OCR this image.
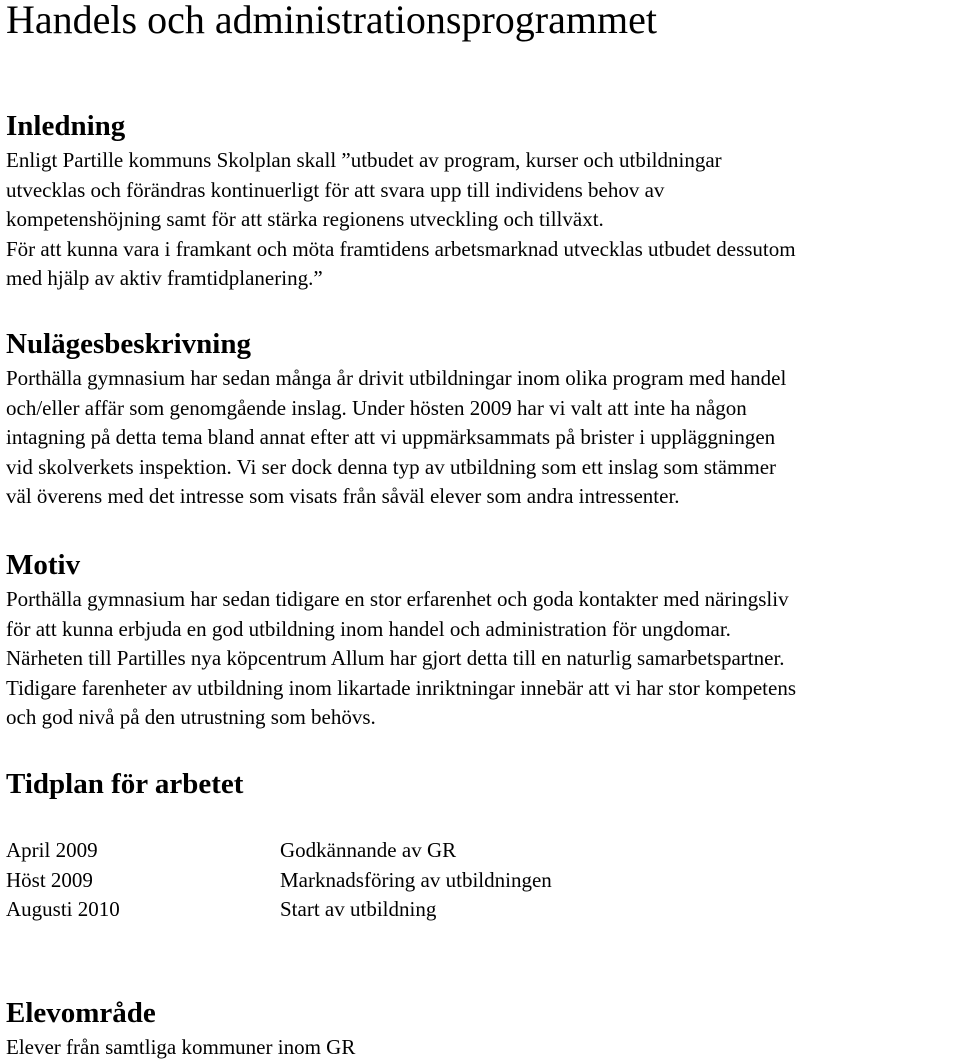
Handels och administrationsprogrammet
Inledning

Enligt Partille kommuns Skolplan skall ”utbudet av program, kurser och utbildningar
utvecklas och förändras kontinuerligt för att svara upp till individens behov av
kompetenshöjning samt för att stärka regionens utveckling och tillväxt.
För att kunna vara i framkant och möta framtidens arbetsmarknad utvecklas utbudet dessutom
med hjälp av aktiv framtidplanering.”

Nulägesbeskrivning

Porthälla gymnasium har sedan många år drivit utbildningar inom olika program med handel
och/eller affär som genomgående inslag. Under hösten 2009 har vi valt att inte ha någon
intagning på detta tema bland annat efter att vi uppmärksammats på brister i uppläggningen
vid skolverkets inspektion. Vi ser dock denna typ av utbildning som ett inslag som stämmer
väl överens med det intresse som visats från såväl elever som andra intressenter.

Motiv

Porthälla gymnasium har sedan tidigare en stor erfarenhet och goda kontakter med näringsliv
för att kunna erbjuda en god utbildning inom handel och administration för ungdomar.
Närheten till Partilles nya köpcentrum Allum har gjort detta till en naturlig samarbetspartner.
Tidigare farenheter av utbildning inom likartade inriktningar innebär att vi har stor kompetens
och god nivå på den utrustning som behövs.

Tidplan för arbetet
April 2009	Godkännande av GR
Höst 2009	Marknadsföring av utbildningen
Augusti 2010	Start av utbildning
Elevområde

Elever från samtliga kommuner inom GR
